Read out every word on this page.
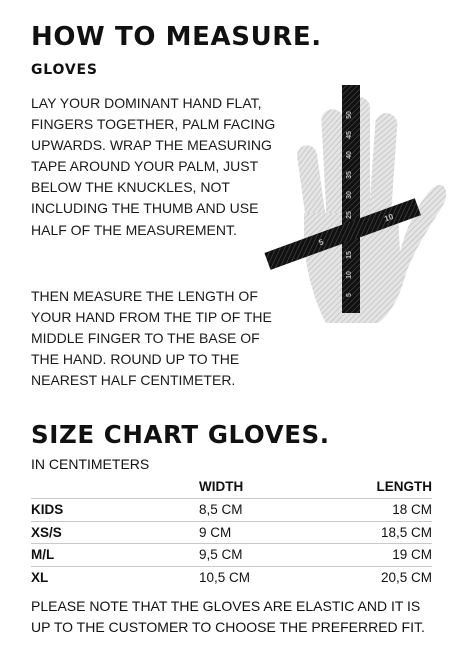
HOW TO MEASURE.
GLOVES

LAY YOUR DOMINANT HAND FLAT, FINGERS TOGETHER, PALM FACING UPWARDS. WRAP THE MEASURING TAPE AROUND YOUR PALM, JUST BELOW THE KNUCKLES, NOT INCLUDING THE THUMB AND USE HALF OF THE MEASUREMENT.

THEN MEASURE THE LENGTH OF YOUR HAND FROM THE TIP OF THE MIDDLE FINGER TO THE BASE OF THE HAND. ROUND UP TO THE NEAREST HALF CENTIMETER.

5
10
15
25
30
35
40
45
50
5
10
SIZE CHART GLOVES.

IN CENTIMETERS

	WIDTH	LENGTH
KIDS	8,5 CM	18 CM
XS/S	9 CM	18,5 CM
M/L	9,5 CM	19 CM
XL	10,5 CM	20,5 CM

PLEASE NOTE THAT THE GLOVES ARE ELASTIC AND IT IS UP TO THE CUSTOMER TO CHOOSE THE PREFERRED FIT.
